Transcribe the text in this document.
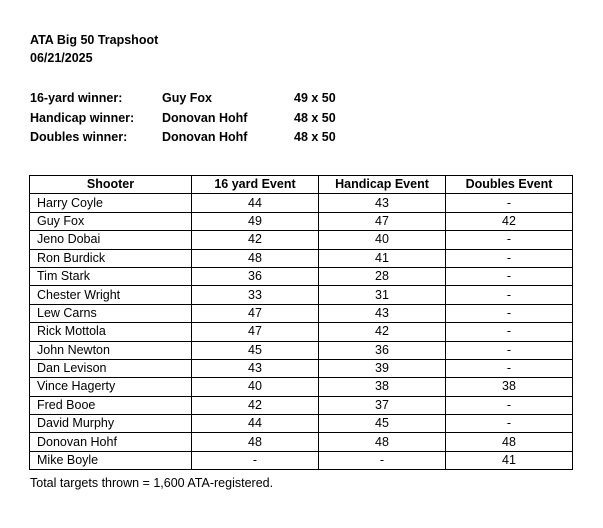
ATA Big 50 Trapshoot
06/21/2025
16-yard winner:	Guy Fox	49 x 50
Handicap winner: Donovan Hohf	48 x 50
Doubles winner:	Donovan Hohf	48 x 50
Shooter	16 yard Event	Handicap Event	Doubles Event
Harry Coyle	44	43	-
Guy Fox	49	47	42
Jeno Dobai	42	40	-
Ron Burdick	48	41	-
Tim Stark	36	28	-
Chester Wright	33	31	-
Lew Carns	47	43	-
Rick Mottola	47	42	-
John Newton	45	36	-
Dan Levison	43	39	-
Vince Hagerty	40	38	38
Fred Booe	42	37	-
David Murphy	44	45	-
Donovan Hohf	48	48	48
Mike Boyle	-	-	41
Total targets thrown = 1,600 ATA-registered.
